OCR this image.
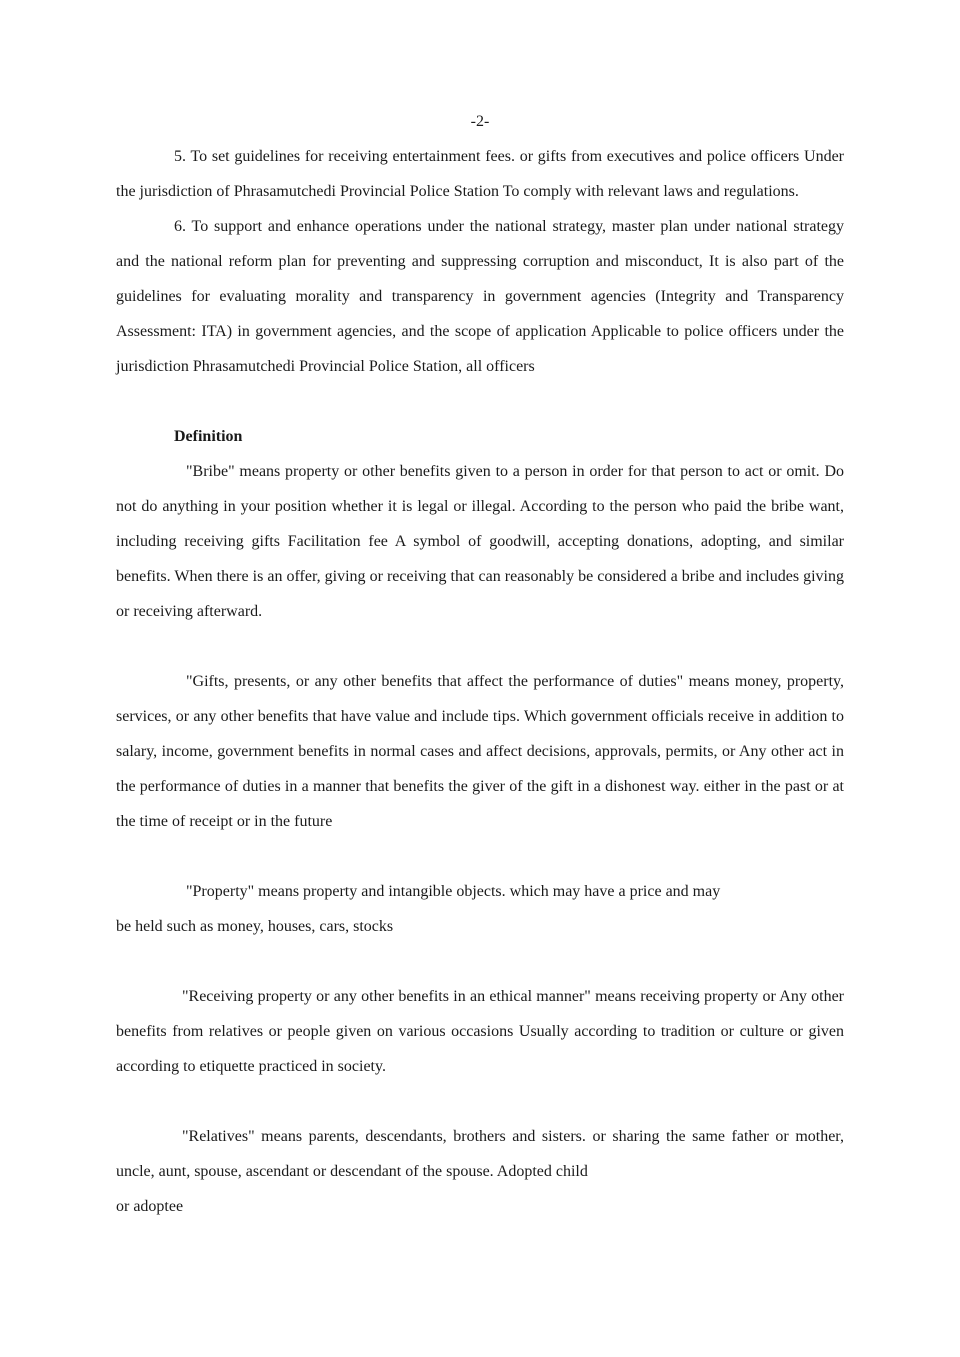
-2-

5. To set guidelines for receiving entertainment fees. or gifts from executives and police officers Under the jurisdiction of Phrasamutchedi Provincial Police Station To comply with relevant laws and regulations.

6. To support and enhance operations under the national strategy, master plan under national strategy and the national reform plan for preventing and suppressing corruption and misconduct, It is also part of the guidelines for evaluating morality and transparency in government agencies (Integrity and Transparency Assessment: ITA) in government agencies, and the scope of application Applicable to police officers under the jurisdiction Phrasamutchedi Provincial Police Station, all officers

Definition

"Bribe" means property or other benefits given to a person in order for that person to act or omit. Do not do anything in your position whether it is legal or illegal. According to the person who paid the bribe want, including receiving gifts Facilitation fee A symbol of goodwill, accepting donations, adopting, and similar benefits. When there is an offer, giving or receiving that can reasonably be considered a bribe and includes giving or receiving afterward.

"Gifts, presents, or any other benefits that affect the performance of duties" means money, property, services, or any other benefits that have value and include tips. Which government officials receive in addition to salary, income, government benefits in normal cases and affect decisions, approvals, permits, or Any other act in the performance of duties in a manner that benefits the giver of the gift in a dishonest way. either in the past or at the time of receipt or in the future

"Property" means property and intangible objects. which may have a price and may

be held such as money, houses, cars, stocks

"Receiving property or any other benefits in an ethical manner" means receiving property or Any other benefits from relatives or people given on various occasions Usually according to tradition or culture or given according to etiquette practiced in society.

"Relatives" means parents, descendants, brothers and sisters. or sharing the same father or mother, uncle, aunt, spouse, ascendant or descendant of the spouse. Adopted child

or adoptee
